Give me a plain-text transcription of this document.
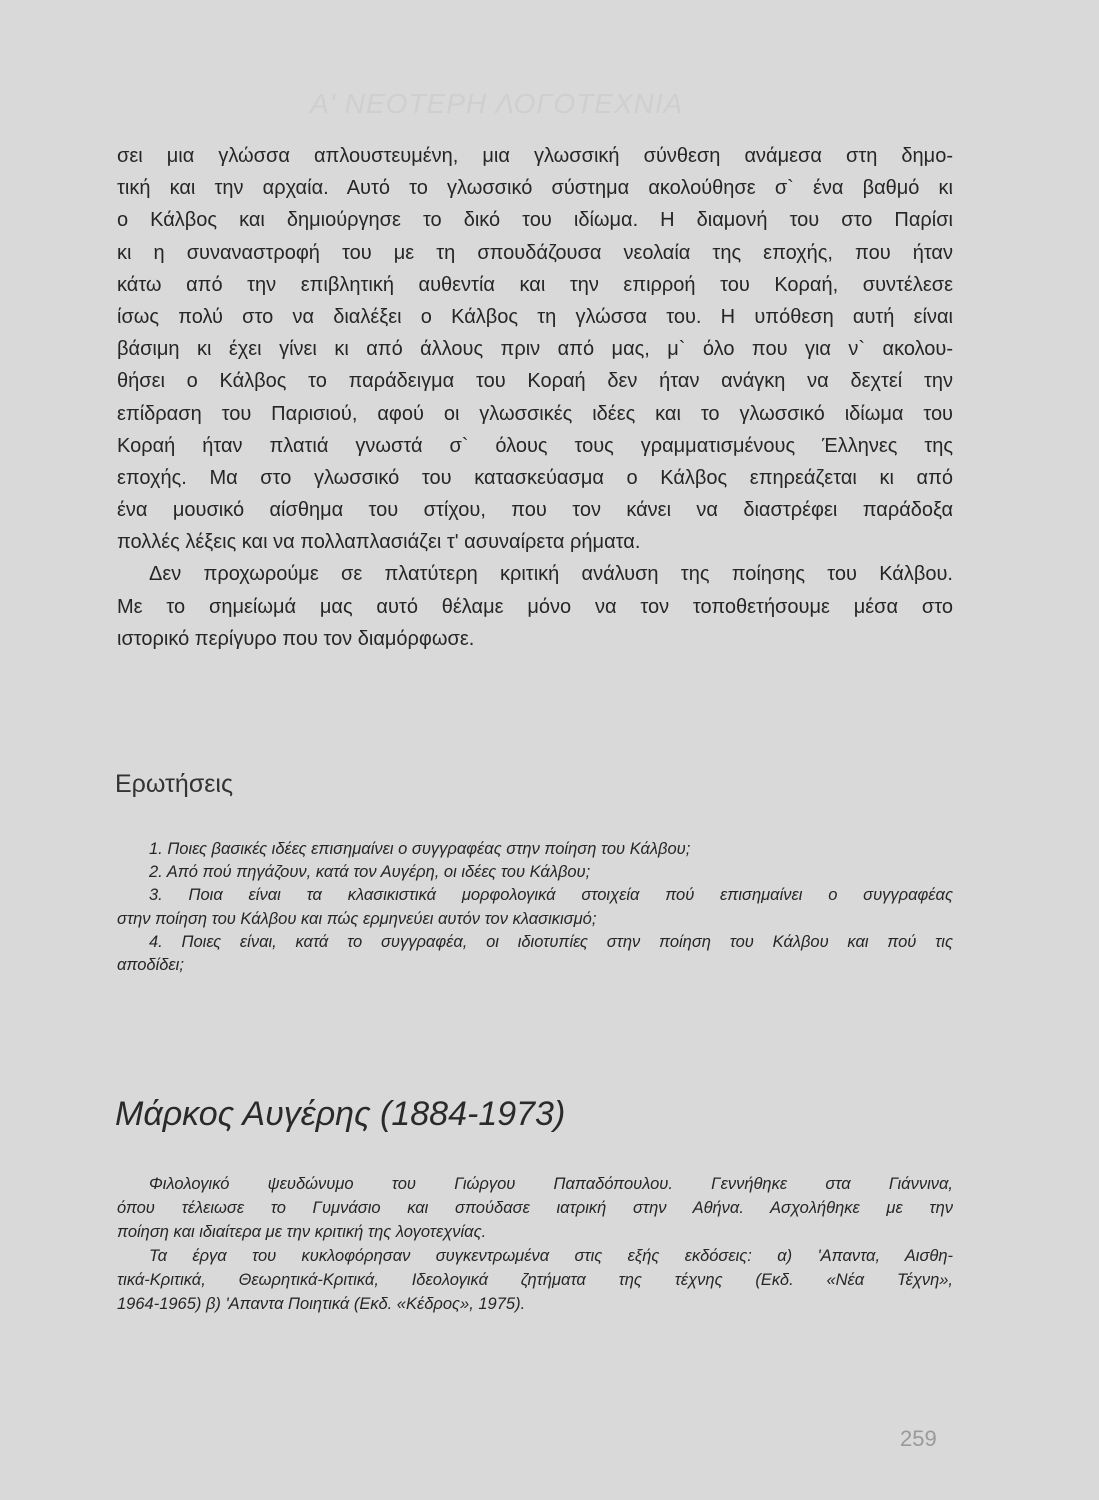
Α' ΝΕΟΤΕΡΗ ΛΟΓΟΤΕΧΝΙΑ
σει μια γλώσσα απλουστευμένη, μια γλωσσική σύνθεση ανάμεσα στη δημο-
τική και την αρχαία. Αυτό το γλωσσικό σύστημα ακολούθησε σ` ένα βαθμό κι
ο Κάλβος και δημιούργησε το δικό του ιδίωμα. Η διαμονή του στο Παρίσι
κι η συναναστροφή του με τη σπουδάζουσα νεολαία της εποχής, που ήταν
κάτω από την επιβλητική αυθεντία και την επιρροή του Κοραή, συντέλεσε
ίσως πολύ στο να διαλέξει ο Κάλβος τη γλώσσα του. Η υπόθεση αυτή είναι
βάσιμη κι έχει γίνει κι από άλλους πριν από μας, μ` όλο που για ν` ακολου-
θήσει ο Κάλβος το παράδειγμα του Κοραή δεν ήταν ανάγκη να δεχτεί την
επίδραση του Παρισιού, αφού οι γλωσσικές ιδέες και το γλωσσικό ιδίωμα του
Κοραή ήταν πλατιά γνωστά σ` όλους τους γραμματισμένους Έλληνες της
εποχής. Μα στο γλωσσικό του κατασκεύασμα ο Κάλβος επηρεάζεται κι από
ένα μουσικό αίσθημα του στίχου, που τον κάνει να διαστρέφει παράδοξα
πολλές λέξεις και να πολλαπλασιάζει τ' ασυναίρετα ρήματα.
Δεν προχωρούμε σε πλατύτερη κριτική ανάλυση της ποίησης του Κάλβου.
Με το σημείωμά μας αυτό θέλαμε μόνο να τον τοποθετήσουμε μέσα στο
ιστορικό περίγυρο που τον διαμόρφωσε.
Ερωτήσεις
1. Ποιες βασικές ιδέες επισημαίνει ο συγγραφέας στην ποίηση του Κάλβου;
2. Από πού πηγάζουν, κατά τον Αυγέρη, οι ιδέες του Κάλβου;
3. Ποια είναι τα κλασικιστικά μορφολογικά στοιχεία πού επισημαίνει ο συγγραφέας
στην ποίηση του Κάλβου και πώς ερμηνεύει αυτόν τον κλασικισμό;
4. Ποιες είναι, κατά το συγγραφέα, οι ιδιοτυπίες στην ποίηση του Κάλβου και πού τις
αποδίδει;
Μάρκος Αυγέρης (1884-1973)
Φιλολογικό ψευδώνυμο του Γιώργου Παπαδόπουλου. Γεννήθηκε στα Γιάννινα,
όπου τέλειωσε το Γυμνάσιο και σπούδασε ιατρική στην Αθήνα. Ασχολήθηκε με την
ποίηση και ιδιαίτερα με την κριτική της λογοτεχνίας.
Τα έργα του κυκλοφόρησαν συγκεντρωμένα στις εξής εκδόσεις: α) 'Απαντα, Αισθη-
τικά-Κριτικά, Θεωρητικά-Κριτικά, Ιδεολογικά ζητήματα της τέχνης (Εκδ. «Νέα Τέχνη»,
1964-1965) β) 'Απαντα Ποιητικά (Εκδ. «Κέδρος», 1975).
259
